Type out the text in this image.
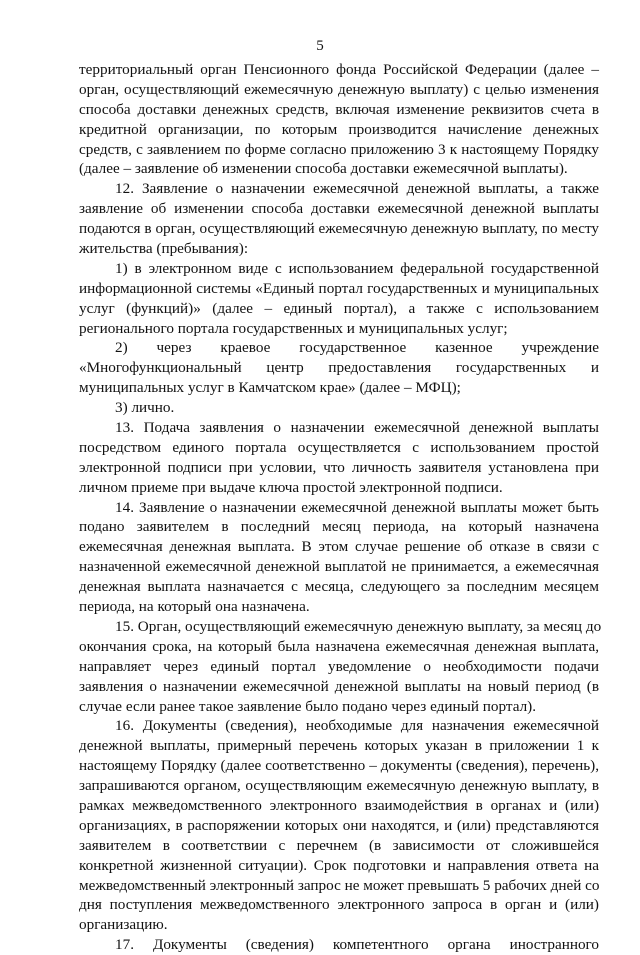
5
территориальный орган Пенсионного фонда Российской Федерации (далее –
орган, осуществляющий ежемесячную денежную выплату) с целью изменения
способа доставки денежных средств, включая изменение реквизитов счета в
кредитной организации, по которым производится начисление денежных
средств, с заявлением по форме согласно приложению 3 к настоящему Порядку
(далее – заявление об изменении способа доставки ежемесячной выплаты).
12. Заявление о назначении ежемесячной денежной выплаты, а также
заявление об изменении способа доставки ежемесячной денежной выплаты
подаются в орган, осуществляющий ежемесячную денежную выплату, по месту
жительства (пребывания):
1) в электронном виде с использованием федеральной государственной
информационной системы «Единый портал государственных и муниципальных
услуг (функций)» (далее – единый портал), а также с использованием
регионального портала государственных и муниципальных услуг;
2) через краевое государственное казенное учреждение
«Многофункциональный центр предоставления государственных и
муниципальных услуг в Камчатском крае» (далее – МФЦ);
3) лично.
13. Подача заявления о назначении ежемесячной денежной выплаты
посредством единого портала осуществляется с использованием простой
электронной подписи при условии, что личность заявителя установлена при
личном приеме при выдаче ключа простой электронной подписи.
14. Заявление о назначении ежемесячной денежной выплаты может быть
подано заявителем в последний месяц периода, на который назначена
ежемесячная денежная выплата. В этом случае решение об отказе в связи с
назначенной ежемесячной денежной выплатой не принимается, а ежемесячная
денежная выплата назначается с месяца, следующего за последним месяцем
периода, на который она назначена.
15. Орган, осуществляющий ежемесячную денежную выплату, за месяц до
окончания срока, на который была назначена ежемесячная денежная выплата,
направляет через единый портал уведомление о необходимости подачи
заявления о назначении ежемесячной денежной выплаты на новый период (в
случае если ранее такое заявление было подано через единый портал).
16. Документы (сведения), необходимые для назначения ежемесячной
денежной выплаты, примерный перечень которых указан в приложении 1 к
настоящему Порядку (далее соответственно – документы (сведения), перечень),
запрашиваются органом, осуществляющим ежемесячную денежную выплату, в
рамках межведомственного электронного взаимодействия в органах и (или)
организациях, в распоряжении которых они находятся, и (или) представляются
заявителем в соответствии с перечнем (в зависимости от сложившейся
конкретной жизненной ситуации). Срок подготовки и направления ответа на
межведомственный электронный запрос не может превышать 5 рабочих дней со
дня поступления межведомственного электронного запроса в орган и (или)
организацию.
17. Документы (сведения) компетентного органа иностранного
